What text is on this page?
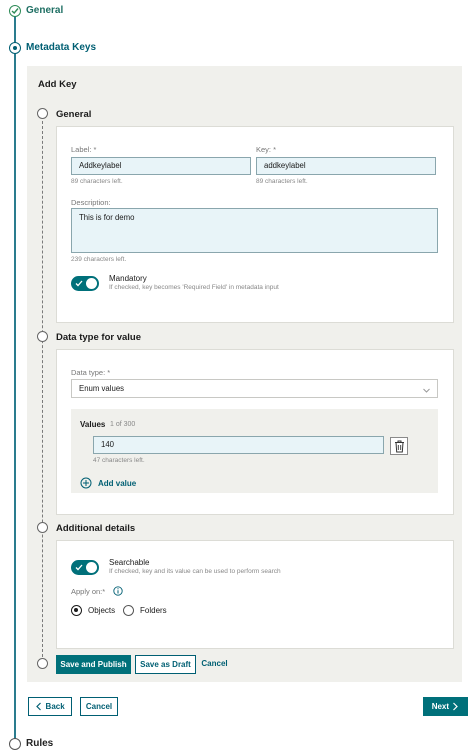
General
Metadata Keys
Rules
Add Key
General
Label: *
Addkeylabel
89 characters left.
Key: *
addkeylabel
89 characters left.
Description:
This is for demo
239 characters left.
Mandatory
If checked, key becomes 'Required Field' in metadata input
Data type for value
Data type: *
Enum values
Values 1 of 300
140
47 characters left.
Add value
Additional details
Searchable
If checked, key and its value can be used to perform search
Apply on:*
Objects	Folders
Save and Publish	Save as Draft	Cancel
Back	Cancel	Next
